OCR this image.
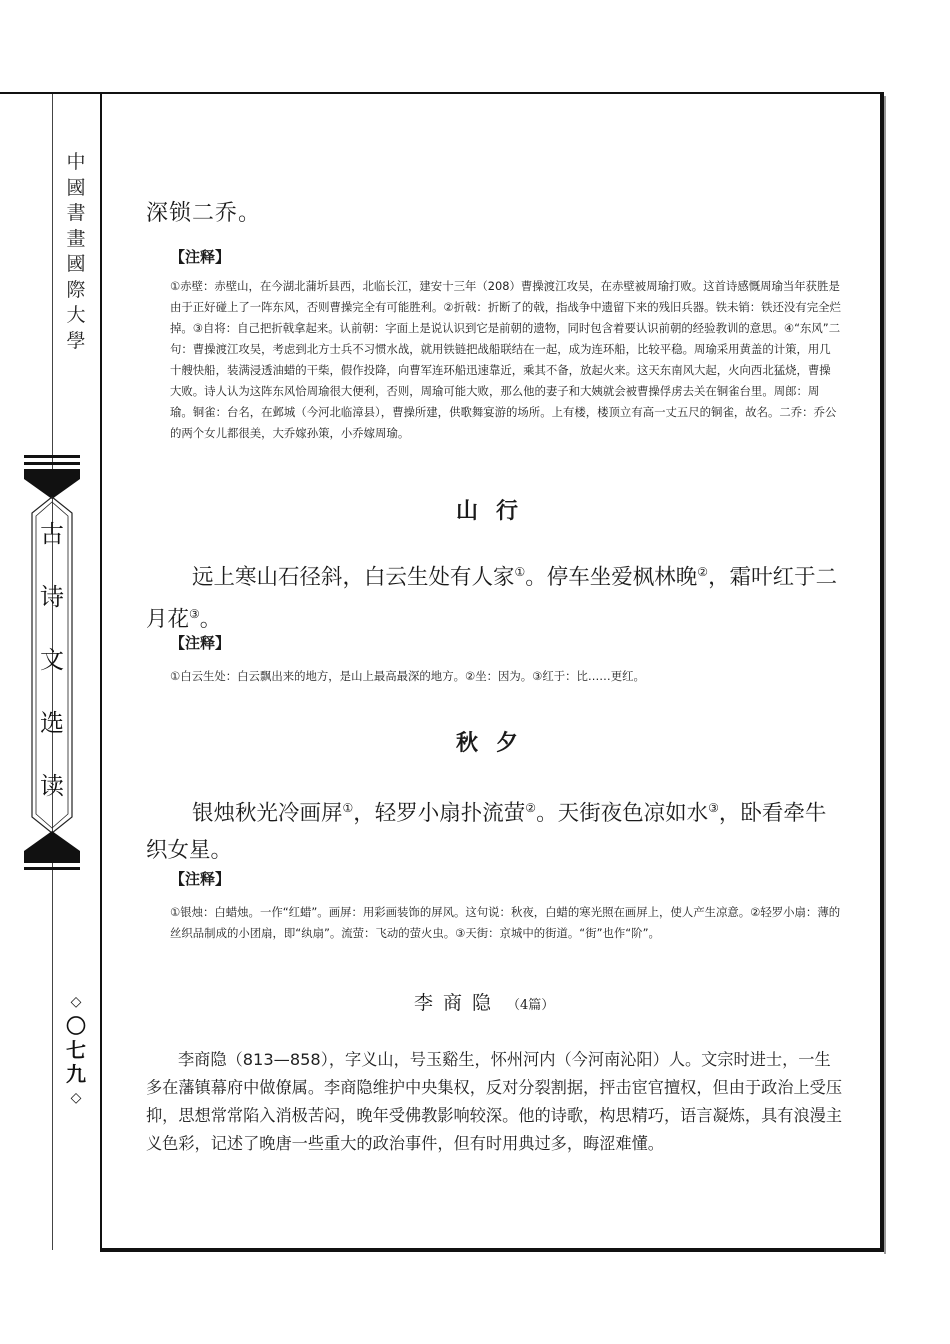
中
國
書
畫
國
際
大
學
古
诗
文
选
读
◇
〇
七
九
◇
深锁二乔。
【注释】
①赤壁：赤壁山，在今湖北蒲圻县西，北临长江，建安十三年（208）曹操渡江攻吴，在赤壁被周瑜打败。这首诗感慨周瑜当年获胜是由于正好碰上了一阵东风，否则曹操完全有可能胜利。②折戟：折断了的戟，指战争中遗留下来的残旧兵器。铁未销：铁还没有完全烂掉。③自将：自己把折戟拿起来。认前朝：字面上是说认识到它是前朝的遗物，同时包含着要认识前朝的经验教训的意思。④“东风”二句：曹操渡江攻吴，考虑到北方士兵不习惯水战，就用铁链把战船联结在一起，成为连环船，比较平稳。周瑜采用黄盖的计策，用几十艘快船，装满浸透油蜡的干柴，假作投降，向曹军连环船迅速靠近，乘其不备，放起火来。这天东南风大起，火向西北猛烧，曹操大败。诗人认为这阵东风恰周瑜很大便利，否则，周瑜可能大败，那么他的妻子和大姨就会被曹操俘虏去关在铜雀台里。周郎：周瑜。铜雀：台名，在邺城（今河北临漳县），曹操所建，供歌舞宴游的场所。上有楼，楼顶立有高一丈五尺的铜雀，故名。二乔：乔公的两个女儿都很美，大乔嫁孙策，小乔嫁周瑜。
山行
远上寒山石径斜，白云生处有人家①。停车坐爱枫林晚②，霜叶红于二月花③。
【注释】
①白云生处：白云飘出来的地方，是山上最高最深的地方。②坐：因为。③红于：比……更红。
秋夕
银烛秋光冷画屏①，轻罗小扇扑流萤②。天街夜色凉如水③，卧看牵牛织女星。
【注释】
①银烛：白蜡烛。一作“红蜡”。画屏：用彩画装饰的屏风。这句说：秋夜，白蜡的寒光照在画屏上，使人产生凉意。②轻罗小扇：薄的丝织品制成的小团扇，即“纨扇”。流萤：飞动的萤火虫。③天街：京城中的街道。“街”也作“阶”。
李商隐 （4篇）
李商隐（813—858），字义山，号玉谿生，怀州河内（今河南沁阳）人。文宗时进士，一生多在藩镇幕府中做僚属。李商隐维护中央集权，反对分裂割据，抨击宦官擅权，但由于政治上受压抑，思想常常陷入消极苦闷，晚年受佛教影响较深。他的诗歌，构思精巧，语言凝炼，具有浪漫主义色彩，记述了晚唐一些重大的政治事件，但有时用典过多，晦涩难懂。
